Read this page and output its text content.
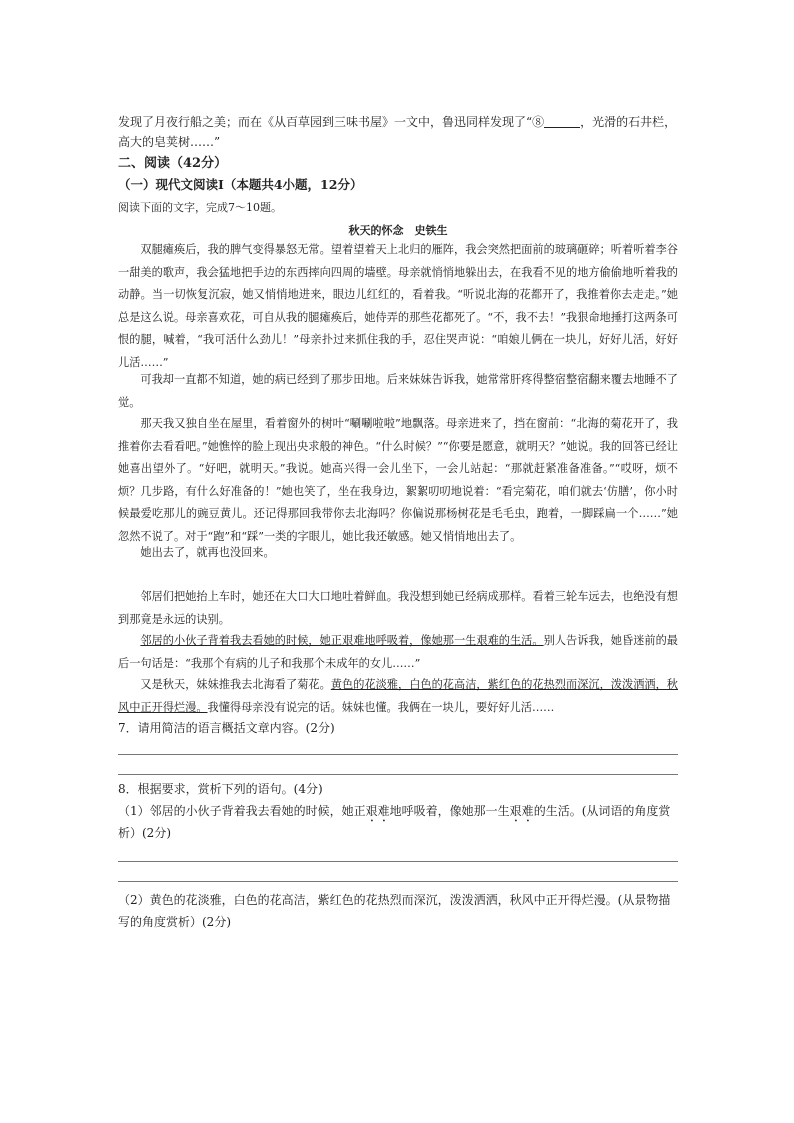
发现了月夜行船之美；而在《从百草园到三味书屋》一文中，鲁迅同样发现了“⑧	，光滑的石井栏，
高大的皂荚树……”
二、阅读（42分）
（一）现代文阅读Ⅰ（本题共4小题，12分）
阅读下面的文字，完成7～10题。
秋天的怀念　史铁生
双腿瘫痪后，我的脾气变得暴怒无常。望着望着天上北归的雁阵，我会突然把面前的玻璃砸碎；听着听着李谷一甜美的歌声，我会猛地把手边的东西摔向四周的墙壁。母亲就悄悄地躲出去，在我看不见的地方偷偷地听着我的动静。当一切恢复沉寂，她又悄悄地进来，眼边儿红红的，看着我。“听说北海的花都开了，我推着你去走走。”她总是这么说。母亲喜欢花，可自从我的腿瘫痪后，她侍弄的那些花都死了。“不，我不去！”我狠命地捶打这两条可恨的腿，喊着，“我可活什么劲儿！”母亲扑过来抓住我的手，忍住哭声说：“咱娘儿俩在一块儿，好好儿活，好好儿活……”
可我却一直都不知道，她的病已经到了那步田地。后来妹妹告诉我，她常常肝疼得整宿整宿翻来覆去地睡不了觉。
那天我又独自坐在屋里，看着窗外的树叶“唰唰啦啦”地飘落。母亲进来了，挡在窗前：“北海的菊花开了，我推着你去看看吧。”她憔悴的脸上现出央求般的神色。“什么时候？”“你要是愿意，就明天？”她说。我的回答已经让她喜出望外了。“好吧，就明天。”我说。她高兴得一会儿坐下，一会儿站起：“那就赶紧准备准备。”“哎呀，烦不烦？几步路，有什么好准备的！”她也笑了，坐在我身边，絮絮叨叨地说着：“看完菊花，咱们就去‘仿膳’，你小时候最爱吃那儿的豌豆黄儿。还记得那回我带你去北海吗？你偏说那杨树花是毛毛虫，跑着，一脚踩扁一个……”她忽然不说了。对于“跑”和“踩”一类的字眼儿，她比我还敏感。她又悄悄地出去了。
她出去了，就再也没回来。
邻居们把她抬上车时，她还在大口大口地吐着鲜血。我没想到她已经病成那样。看着三轮车远去，也绝没有想到那竟是永远的诀别。
邻居的小伙子背着我去看她的时候，她正艰难地呼吸着，像她那一生艰难的生活。别人告诉我，她昏迷前的最后一句话是：“我那个有病的儿子和我那个未成年的女儿……”
又是秋天，妹妹推我去北海看了菊花。黄色的花淡雅，白色的花高洁，紫红色的花热烈而深沉，泼泼洒洒，秋风中正开得烂漫。我懂得母亲没有说完的话。妹妹也懂。我俩在一块儿，要好好儿活……
7．请用简洁的语言概括文章内容。(2分)
8．根据要求，赏析下列的语句。(4分)
（1）邻居的小伙子背着我去看她的时候，她正艰难地呼吸着，像她那一生艰难的生活。(从词语的角度赏
析）(2分)
（2）黄色的花淡雅，白色的花高洁，紫红色的花热烈而深沉，泼泼洒洒，秋风中正开得烂漫。(从景物描
写的角度赏析）(2分)
